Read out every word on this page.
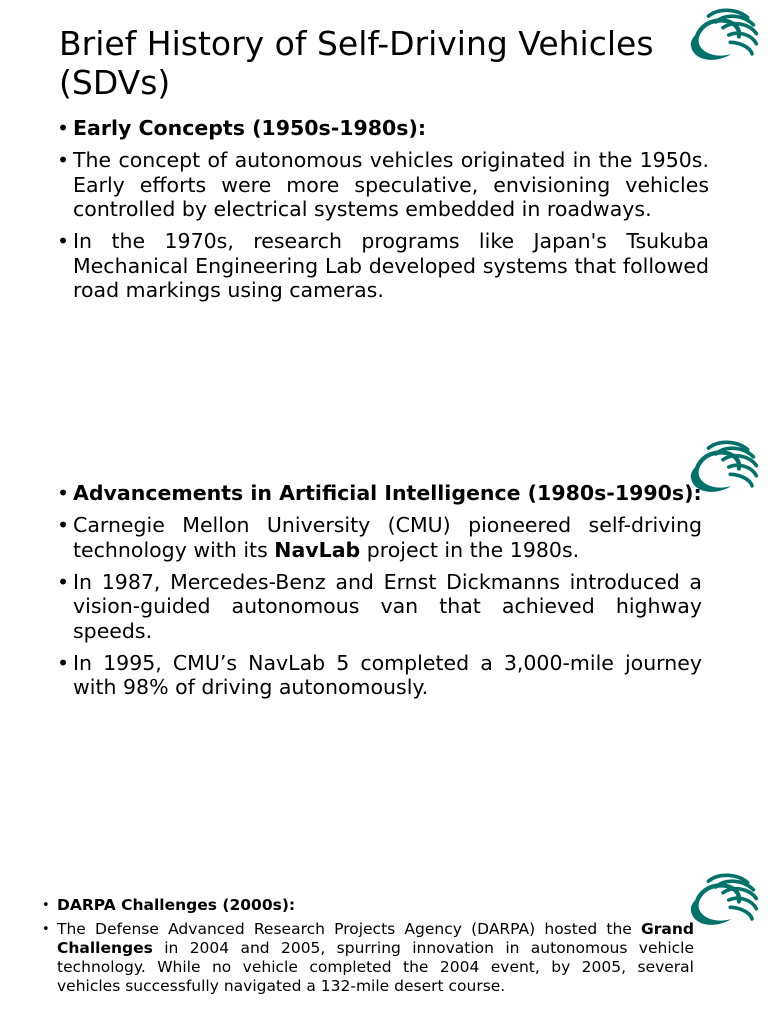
Brief History of Self-Driving Vehicles (SDVs)
• Early Concepts (1950s-1980s):
• The concept of autonomous vehicles originated in the 1950s. Early efforts were more speculative, envisioning vehicles controlled by electrical systems embedded in roadways.
• In the 1970s, research programs like Japan's Tsukuba Mechanical Engineering Lab developed systems that followed road markings using cameras.
• Advancements in Artificial Intelligence (1980s-1990s):
• Carnegie Mellon University (CMU) pioneered self-driving technology with its NavLab project in the 1980s.
• In 1987, Mercedes-Benz and Ernst Dickmanns introduced a vision-guided autonomous van that achieved highway speeds.
• In 1995, CMU’s NavLab 5 completed a 3,000-mile journey with 98% of driving autonomously.
• DARPA Challenges (2000s):
• The Defense Advanced Research Projects Agency (DARPA) hosted the Grand Challenges in 2004 and 2005, spurring innovation in autonomous vehicle technology. While no vehicle completed the 2004 event, by 2005, several vehicles successfully navigated a 132-mile desert course.
